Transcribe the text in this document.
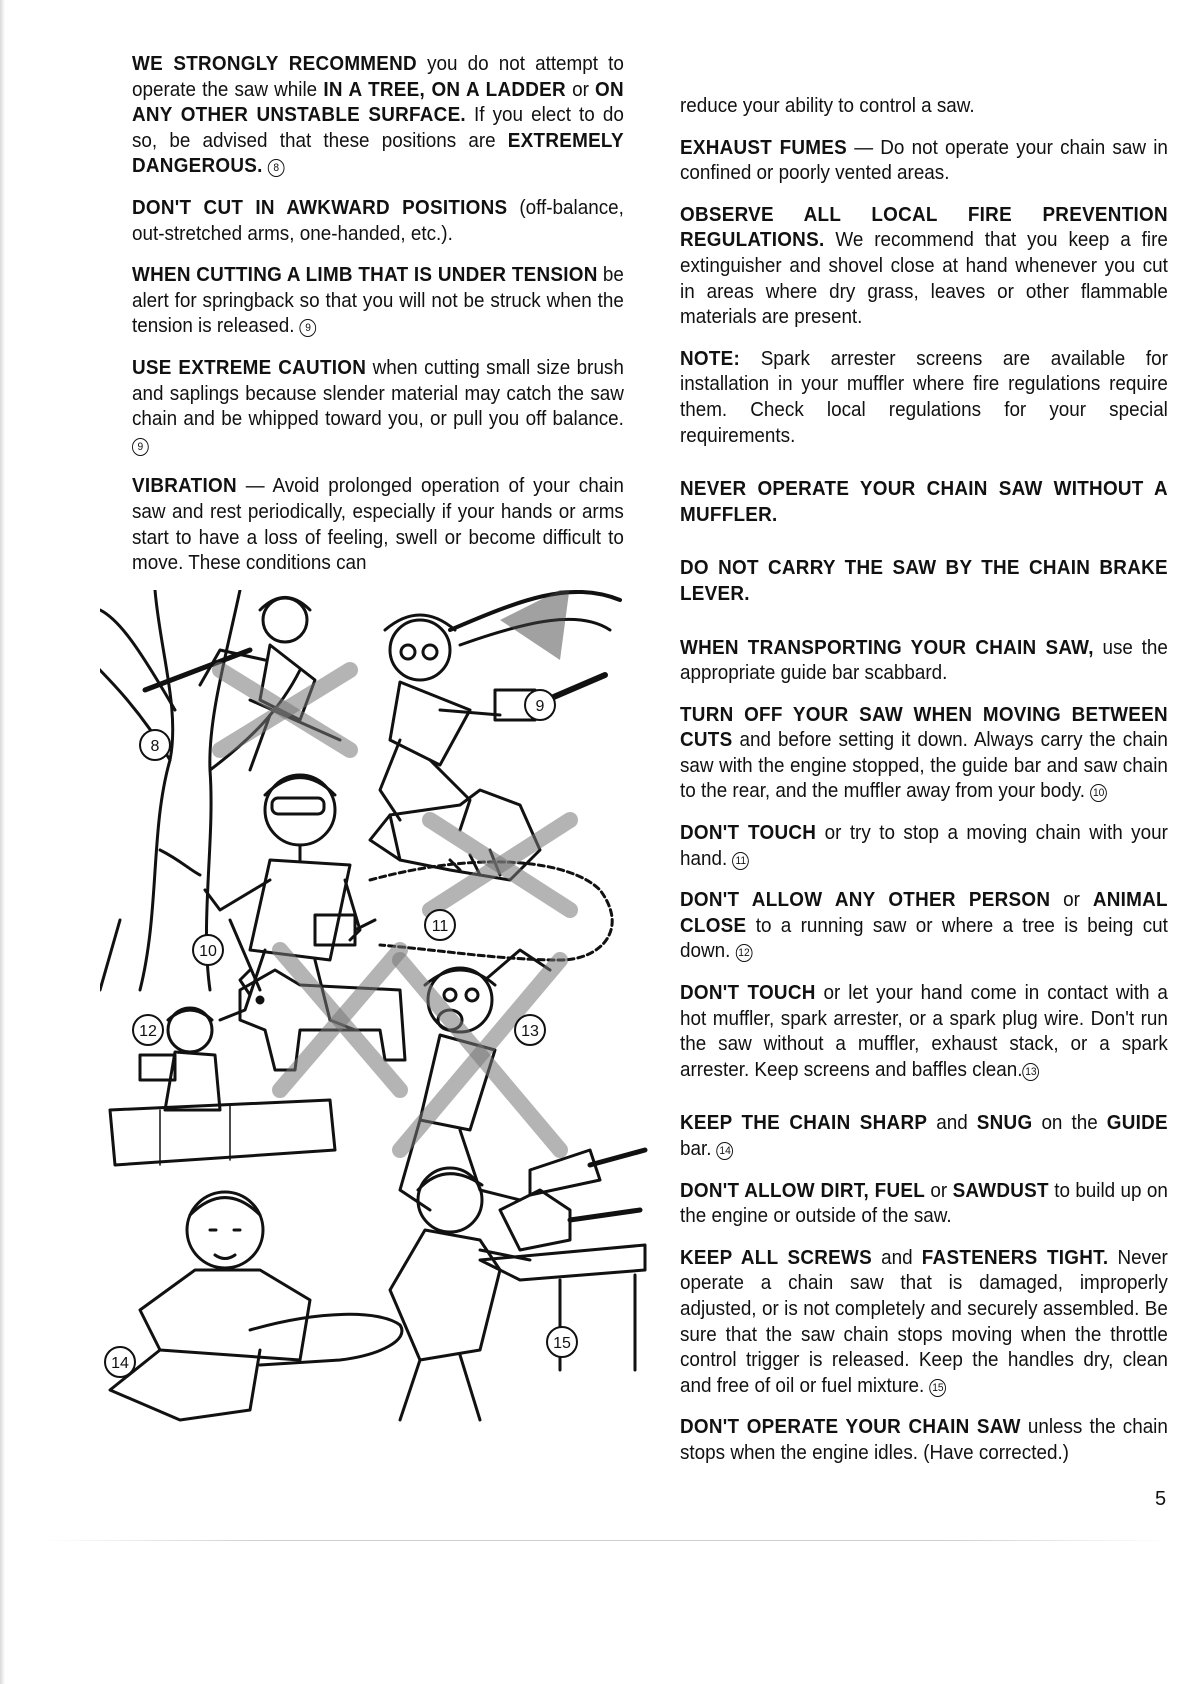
WE STRONGLY RECOMMEND you do not attempt to operate the saw while IN A TREE, ON A LADDER or ON ANY OTHER UNSTABLE SURFACE. If you elect to do so, be advised that these positions are EXTREMELY DANGEROUS. 8

DON'T CUT IN AWKWARD POSITIONS (off-balance, out-stretched arms, one-handed, etc.).

WHEN CUTTING A LIMB THAT IS UNDER TENSION be alert for springback so that you will not be struck when the tension is released. 9

USE EXTREME CAUTION when cutting small size brush and saplings because slender material may catch the saw chain and be whipped toward you, or pull you off balance. 9

VIBRATION — Avoid prolonged operation of your chain saw and rest periodically, especially if your hands or arms start to have a loss of feeling, swell or become difficult to move. These conditions can

reduce your ability to control a saw.

EXHAUST FUMES — Do not operate your chain saw in confined or poorly vented areas.

OBSERVE ALL LOCAL FIRE PREVENTION REGULATIONS. We recommend that you keep a fire extinguisher and shovel close at hand whenever you cut in areas where dry grass, leaves or other flammable materials are present.

NOTE: Spark arrester screens are available for installation in your muffler where fire regulations require them. Check local regulations for your special requirements.

NEVER OPERATE YOUR CHAIN SAW WITHOUT A MUFFLER.

DO NOT CARRY THE SAW BY THE CHAIN BRAKE LEVER.

WHEN TRANSPORTING YOUR CHAIN SAW, use the appropriate guide bar scabbard.

TURN OFF YOUR SAW WHEN MOVING BETWEEN CUTS and before setting it down. Always carry the chain saw with the engine stopped, the guide bar and saw chain to the rear, and the muffler away from your body. 10

DON'T TOUCH or try to stop a moving chain with your hand. 11

DON'T ALLOW ANY OTHER PERSON or ANIMAL CLOSE to a running saw or where a tree is being cut down. 12

DON'T TOUCH or let your hand come in contact with a hot muffler, spark arrester, or a spark plug wire. Don't run the saw without a muffler, exhaust stack, or a spark arrester. Keep screens and baffles clean. 13

KEEP THE CHAIN SHARP and SNUG on the GUIDE bar. 14

DON'T ALLOW DIRT, FUEL or SAWDUST to build up on the engine or outside of the saw.

KEEP ALL SCREWS and FASTENERS TIGHT. Never operate a chain saw that is damaged, improperly adjusted, or is not completely and securely assembled. Be sure that the saw chain stops moving when the throttle control trigger is released. Keep the handles dry, clean and free of oil or fuel mixture. 15

DON'T OPERATE YOUR CHAIN SAW unless the chain stops when the engine idles. (Have corrected.)

8
9
10
11
12	13
14
15
5
